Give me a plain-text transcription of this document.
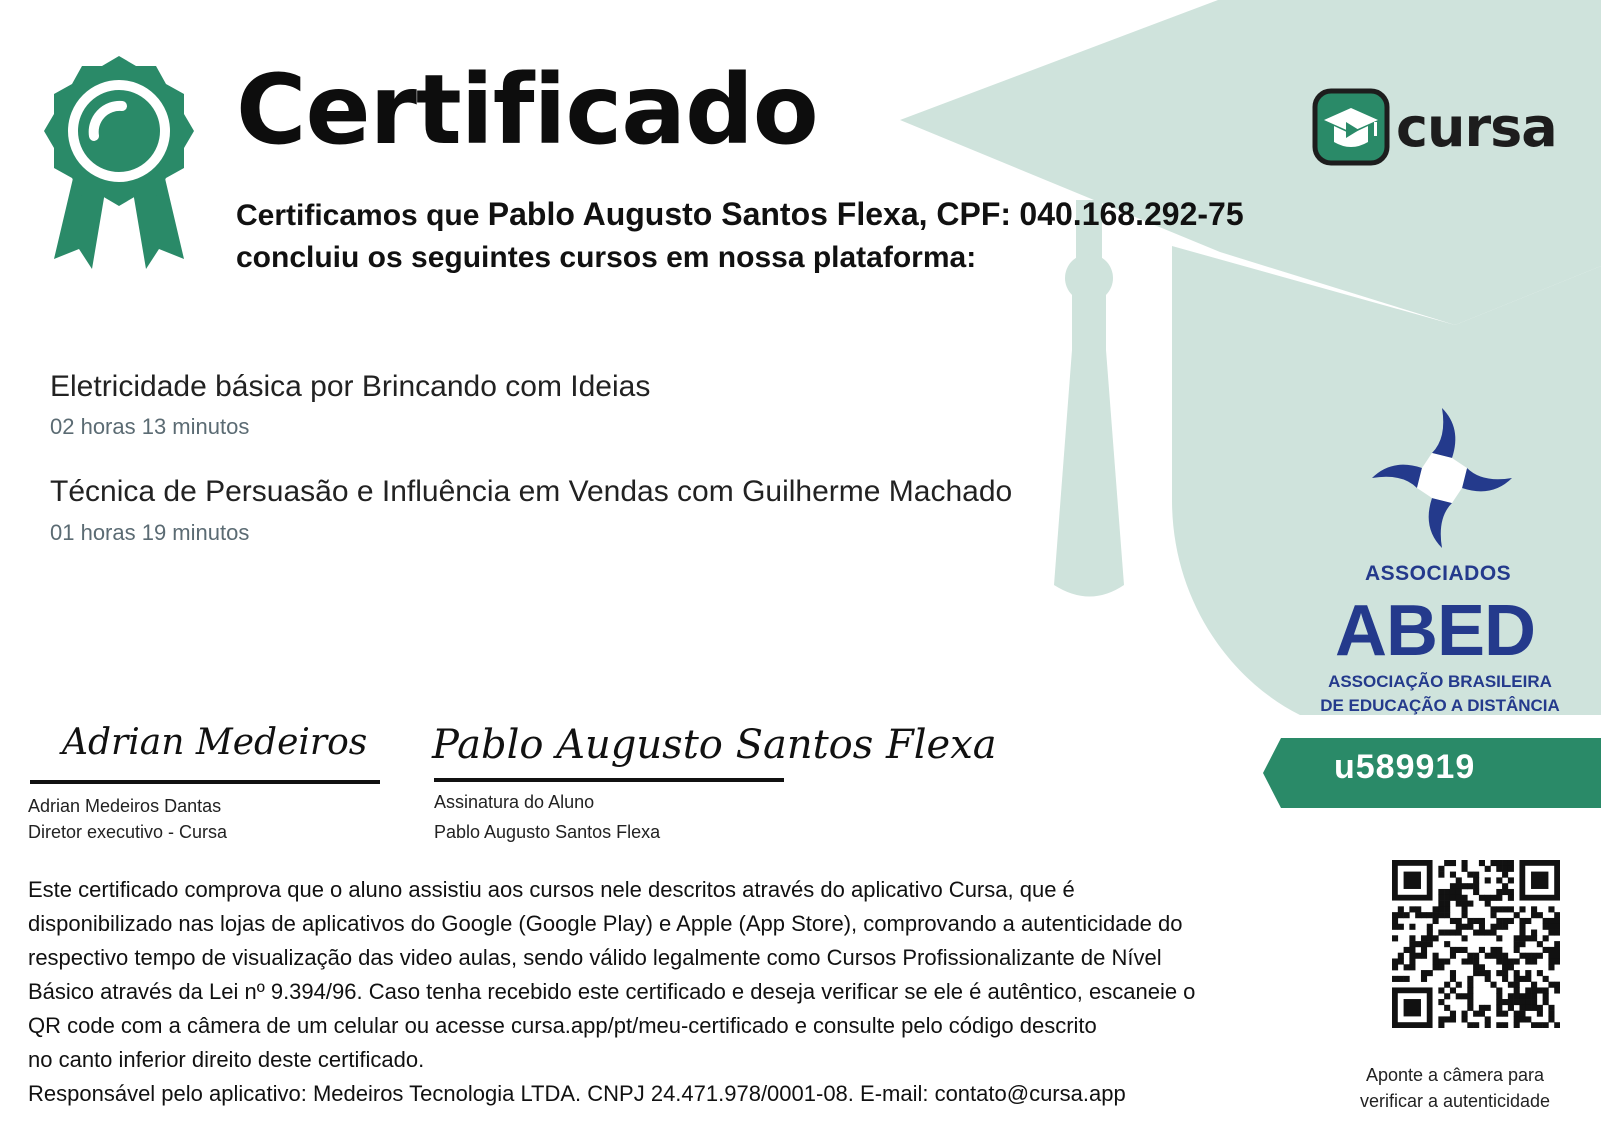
Certificado
Certificamos que Pablo Augusto Santos Flexa, CPF: 040.168.292-75
concluiu os seguintes cursos em nossa plataforma:
cursa
ASSOCIADOS
ABED
ASSOCIAÇÃO BRASILEIRA
DE EDUCAÇÃO A DISTÂNCIA
Eletricidade básica por Brincando com Ideias
02 horas 13 minutos
Técnica de Persuasão e Influência em Vendas com Guilherme Machado
01 horas 19 minutos
Adrian Medeiros
Adrian Medeiros Dantas
Diretor executivo - Cursa
Pablo Augusto Santos Flexa
Assinatura do Aluno
Pablo Augusto Santos Flexa
u589919

Este certificado comprova que o aluno assistiu aos cursos nele descritos através do aplicativo Cursa, que é

disponibilizado nas lojas de aplicativos do Google (Google Play) e Apple (App Store), comprovando a autenticidade do

respectivo tempo de visualização das video aulas, sendo válido legalmente como Cursos Profissionalizante de Nível

Básico através da Lei nº 9.394/96. Caso tenha recebido este certificado e deseja verificar se ele é autêntico, escaneie o

QR code com a câmera de um celular ou acesse cursa.app/pt/meu-certificado e consulte pelo código descrito

no canto inferior direito deste certificado.

Responsável pelo aplicativo: Medeiros Tecnologia LTDA. CNPJ 24.471.978/0001-08. E-mail: contato@cursa.app

Aponte a câmera para
verificar a autenticidade
